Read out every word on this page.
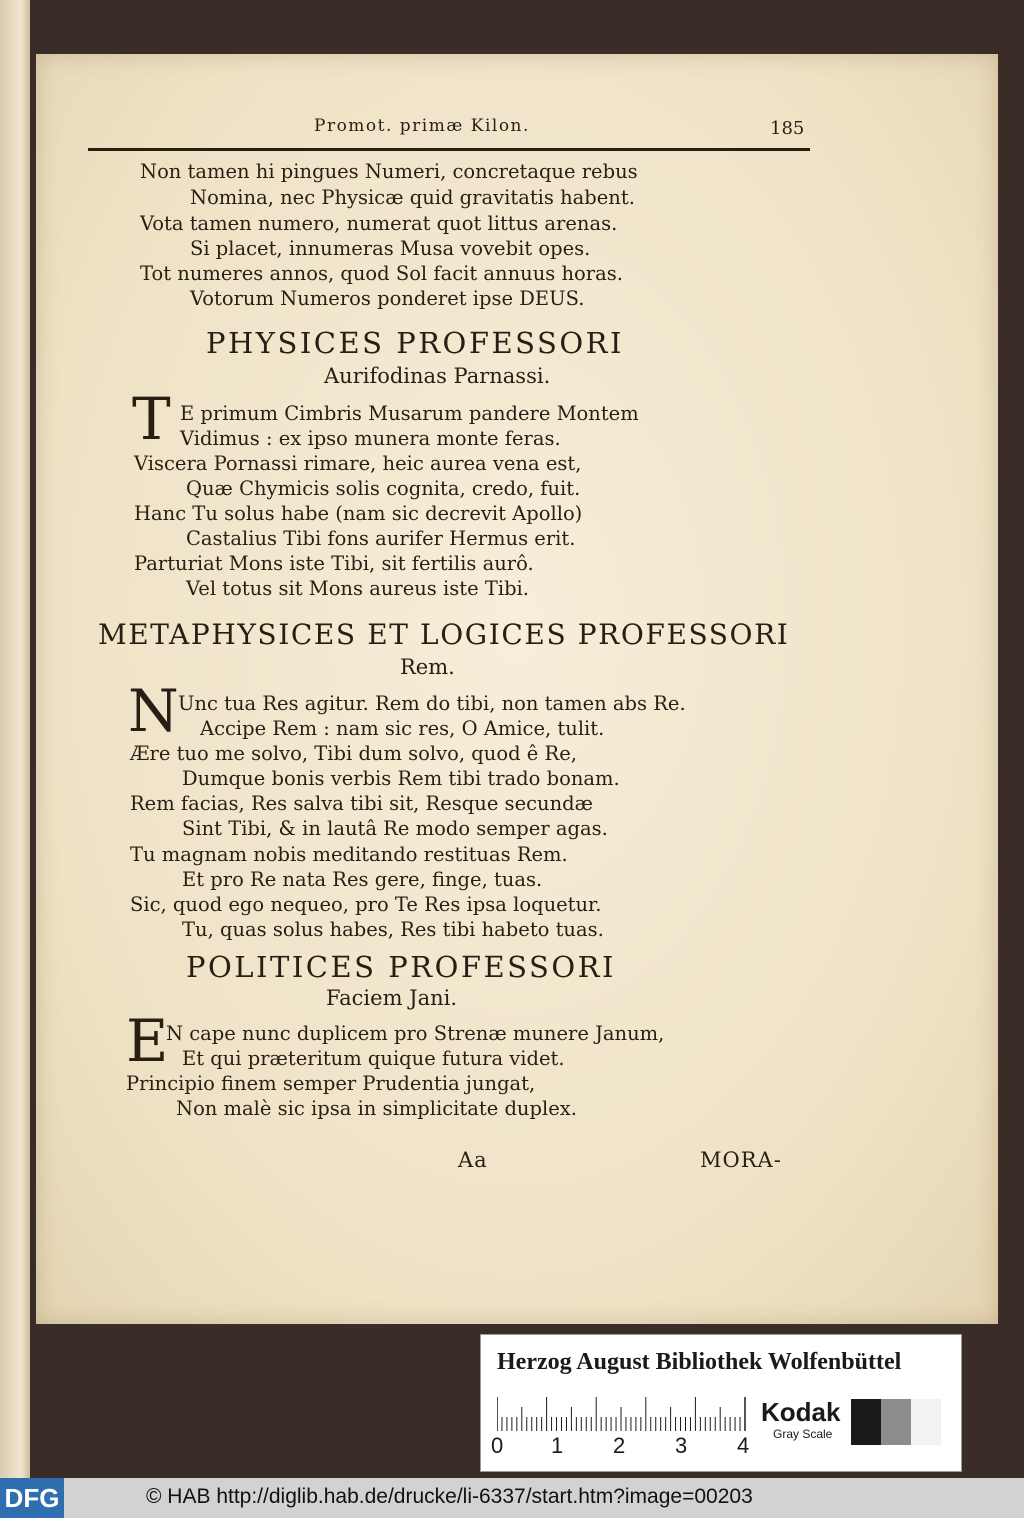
Promot. primæ Kilon.	185
Non tamen hi pingues Numeri, concretaque rebus
Nomina, nec Physicæ quid gravitatis habent.
Vota tamen numero, numerat quot littus arenas.
Si placet, innumeras Musa vovebit opes.
Tot numeres annos, quod Sol facit annuus horas.
Votorum Numeros ponderet ipse DEUS.
PHYSICES PROFESSORI
Aurifodinas Parnassi.
T E primum Cimbris Musarum pandere Montem
Vidimus : ex ipso munera monte feras.
Viscera Pornassi rimare, heic aurea vena est,
Quæ Chymicis solis cognita, credo, fuit.
Hanc Tu solus habe (nam sic decrevit Apollo)
Castalius Tibi fons aurifer Hermus erit.
Parturiat Mons iste Tibi, sit fertilis aurô.
Vel totus sit Mons aureus iste Tibi.
METAPHYSICES ET LOGICES PROFESSORI
Rem.
N Unc tua Res agitur. Rem do tibi, non tamen abs Re.
Accipe Rem : nam sic res, O Amice, tulit.
Ære tuo me solvo, Tibi dum solvo, quod ê Re,
Dumque bonis verbis Rem tibi trado bonam.
Rem facias, Res salva tibi sit, Resque secundæ
Sint Tibi, & in lautâ Re modo semper agas.
Tu magnam nobis meditando restituas Rem.
Et pro Re nata Res gere, finge, tuas.
Sic, quod ego nequeo, pro Te Res ipsa loquetur.
Tu, quas solus habes, Res tibi habeto tuas.
POLITICES PROFESSORI
Faciem Jani.
E
N cape nunc duplicem pro Strenæ munere Janum,
Et qui præteritum quique futura videt.
Principio finem semper Prudentia jungat,
Non malè sic ipsa in simplicitate duplex.
Aa	MORA-
Herzog August Bibliothek Wolfenbüttel
0 1 2 3 4
Kodak
Gray Scale
DFG	© HAB http://diglib.hab.de/drucke/li-6337/start.htm?image=00203
